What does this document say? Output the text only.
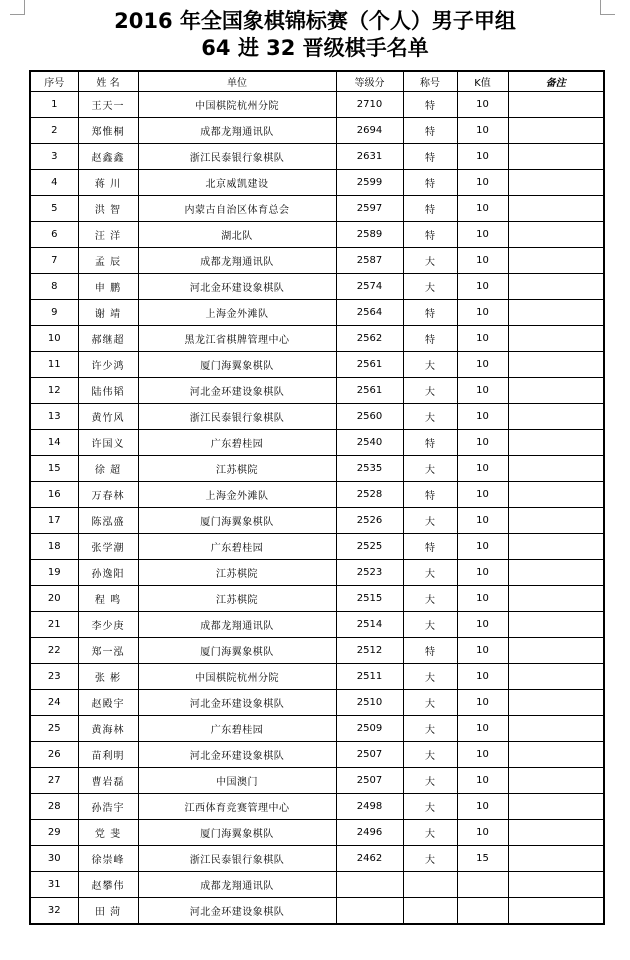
2016 年全国象棋锦标赛（个人）男子甲组
64 进 32 晋级棋手名单
序号	姓 名	单位	等级分	称号	K值	备注
1	王天一	中国棋院杭州分院	2710	特	10	
2	郑惟桐	成都龙翔通讯队	2694	特	10	
3	赵鑫鑫	浙江民泰银行象棋队	2631	特	10	
4	蒋 川	北京威凯建设	2599	特	10	
5	洪 智	内蒙古自治区体育总会	2597	特	10	
6	汪 洋	湖北队	2589	特	10	
7	孟 辰	成都龙翔通讯队	2587	大	10	
8	申 鹏	河北金环建设象棋队	2574	大	10	
9	谢 靖	上海金外滩队	2564	特	10	
10	郝继超	黑龙江省棋牌管理中心	2562	特	10	
11	许少鸿	厦门海翼象棋队	2561	大	10	
12	陆伟韬	河北金环建设象棋队	2561	大	10	
13	黄竹风	浙江民泰银行象棋队	2560	大	10	
14	许国义	广东碧桂园	2540	特	10	
15	徐 超	江苏棋院	2535	大	10	
16	万春林	上海金外滩队	2528	特	10	
17	陈泓盛	厦门海翼象棋队	2526	大	10	
18	张学潮	广东碧桂园	2525	特	10	
19	孙逸阳	江苏棋院	2523	大	10	
20	程 鸣	江苏棋院	2515	大	10	
21	李少庚	成都龙翔通讯队	2514	大	10	
22	郑一泓	厦门海翼象棋队	2512	特	10	
23	张 彬	中国棋院杭州分院	2511	大	10	
24	赵殿宇	河北金环建设象棋队	2510	大	10	
25	黄海林	广东碧桂园	2509	大	10	
26	苗利明	河北金环建设象棋队	2507	大	10	
27	曹岩磊	中国澳门	2507	大	10	
28	孙浩宇	江西体育竞赛管理中心	2498	大	10	
29	党 斐	厦门海翼象棋队	2496	大	10	
30	徐崇峰	浙江民泰银行象棋队	2462	大	15	
31	赵攀伟	成都龙翔通讯队				
32	田 菏	河北金环建设象棋队				
